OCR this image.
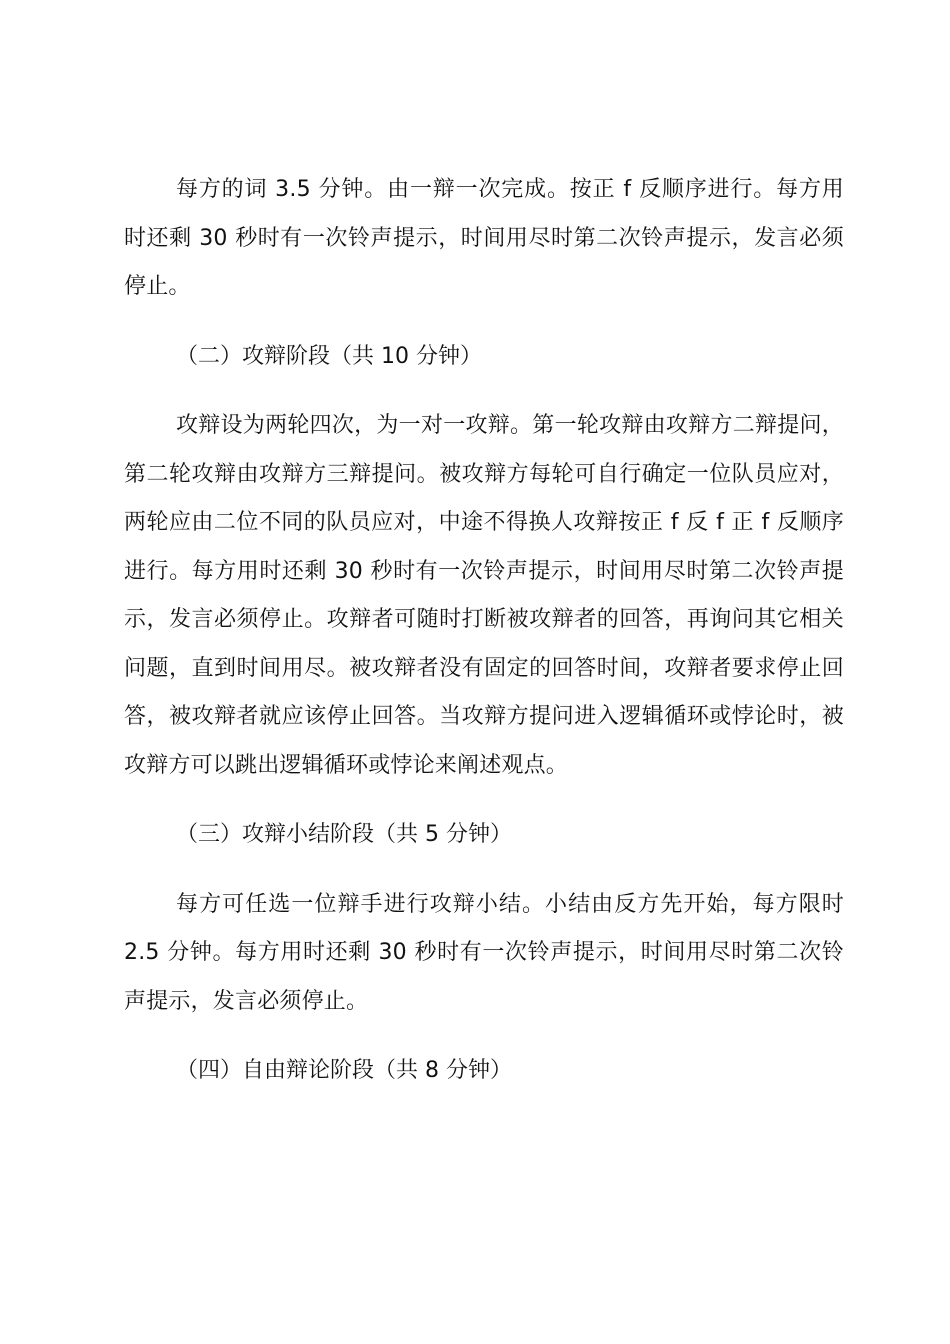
每方的词 3.5 分钟。由一辩一次完成。按正 f 反顺序进行。每方用时还剩 30 秒时有一次铃声提示，时间用尽时第二次铃声提示，发言必须停止。

（二）攻辩阶段（共 10 分钟）

攻辩设为两轮四次，为一对一攻辩。第一轮攻辩由攻辩方二辩提问，第二轮攻辩由攻辩方三辩提问。被攻辩方每轮可自行确定一位队员应对，两轮应由二位不同的队员应对，中途不得换人攻辩按正 f 反 f 正 f 反顺序进行。每方用时还剩 30 秒时有一次铃声提示，时间用尽时第二次铃声提示，发言必须停止。攻辩者可随时打断被攻辩者的回答，再询问其它相关问题，直到时间用尽。被攻辩者没有固定的回答时间，攻辩者要求停止回答，被攻辩者就应该停止回答。当攻辩方提问进入逻辑循环或悖论时，被攻辩方可以跳出逻辑循环或悖论来阐述观点。

（三）攻辩小结阶段（共 5 分钟）

每方可任选一位辩手进行攻辩小结。小结由反方先开始，每方限时 2.5 分钟。每方用时还剩 30 秒时有一次铃声提示，时间用尽时第二次铃声提示，发言必须停止。

（四）自由辩论阶段（共 8 分钟）
